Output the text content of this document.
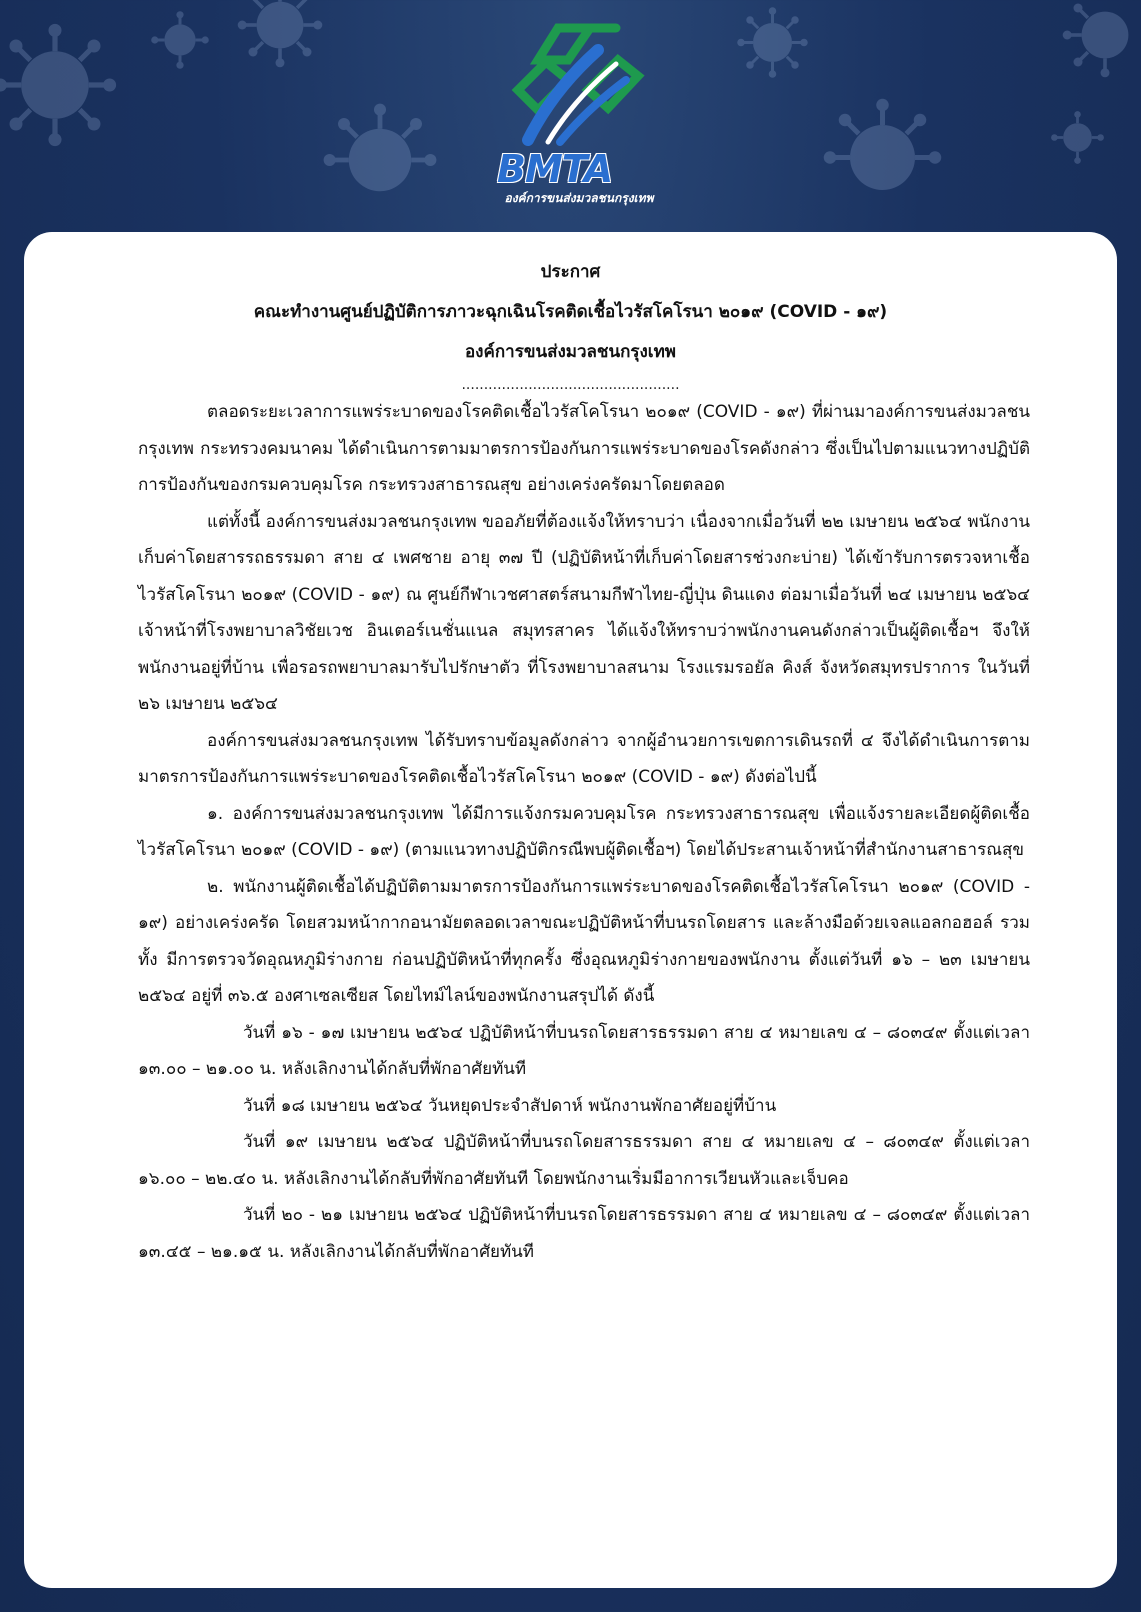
BMTA
องค์การขนส่งมวลชนกรุงเทพ
ประกาศ
คณะทำงานศูนย์ปฏิบัติการภาวะฉุกเฉินโรคติดเชื้อไวรัสโคโรนา ๒๐๑๙ (COVID - ๑๙)
องค์การขนส่งมวลชนกรุงเทพ
.................................................

ตลอดระยะเวลาการแพร่ระบาดของโรคติดเชื้อไวรัสโคโรนา ๒๐๑๙ (COVID - ๑๙) ที่ผ่านมาองค์การขนส่งมวลชนกรุงเทพ กระทรวงคมนาคม ได้ดำเนินการตามมาตรการป้องกันการแพร่ระบาดของโรคดังกล่าว ซึ่งเป็นไปตามแนวทางปฏิบัติการป้องกันของกรมควบคุมโรค กระทรวงสาธารณสุข อย่างเคร่งครัดมาโดยตลอด

แต่ทั้งนี้ องค์การขนส่งมวลชนกรุงเทพ ขออภัยที่ต้องแจ้งให้ทราบว่า เนื่องจากเมื่อวันที่ ๒๒ เมษายน ๒๕๖๔ พนักงานเก็บค่าโดยสารรถธรรมดา สาย ๔ เพศชาย อายุ ๓๗ ปี (ปฏิบัติหน้าที่เก็บค่าโดยสารช่วงกะบ่าย) ได้เข้ารับการตรวจหาเชื้อไวรัสโคโรนา ๒๐๑๙ (COVID - ๑๙) ณ ศูนย์กีฬาเวชศาสตร์สนามกีฬาไทย-ญี่ปุ่น ดินแดง ต่อมาเมื่อวันที่ ๒๔ เมษายน ๒๕๖๔ เจ้าหน้าที่โรงพยาบาลวิชัยเวช อินเตอร์เนชั่นแนล สมุทรสาคร ได้แจ้งให้ทราบว่าพนักงานคนดังกล่าวเป็นผู้ติดเชื้อฯ จึงให้พนักงานอยู่ที่บ้าน เพื่อรอรถพยาบาลมารับไปรักษาตัว ที่โรงพยาบาลสนาม โรงแรมรอยัล คิงส์ จังหวัดสมุทรปราการ ในวันที่ ๒๖ เมษายน ๒๕๖๔

องค์การขนส่งมวลชนกรุงเทพ ได้รับทราบข้อมูลดังกล่าว จากผู้อำนวยการเขตการเดินรถที่ ๔ จึงได้ดำเนินการตามมาตรการป้องกันการแพร่ระบาดของโรคติดเชื้อไวรัสโคโรนา ๒๐๑๙ (COVID - ๑๙) ดังต่อไปนี้

๑. องค์การขนส่งมวลชนกรุงเทพ ได้มีการแจ้งกรมควบคุมโรค กระทรวงสาธารณสุข เพื่อแจ้งรายละเอียดผู้ติดเชื้อไวรัสโคโรนา ๒๐๑๙ (COVID - ๑๙) (ตามแนวทางปฏิบัติกรณีพบผู้ติดเชื้อฯ) โดยได้ประสานเจ้าหน้าที่สำนักงานสาธารณสุข

๒. พนักงานผู้ติดเชื้อได้ปฏิบัติตามมาตรการป้องกันการแพร่ระบาดของโรคติดเชื้อไวรัสโคโรนา ๒๐๑๙ (COVID - ๑๙) อย่างเคร่งครัด โดยสวมหน้ากากอนามัยตลอดเวลาขณะปฏิบัติหน้าที่บนรถโดยสาร และล้างมือด้วยเจลแอลกอฮอล์ รวมทั้ง มีการตรวจวัดอุณหภูมิร่างกาย ก่อนปฏิบัติหน้าที่ทุกครั้ง ซึ่งอุณหภูมิร่างกายของพนักงาน ตั้งแต่วันที่ ๑๖ – ๒๓ เมษายน ๒๕๖๔ อยู่ที่ ๓๖.๕ องศาเซลเซียส โดยไทม์ไลน์ของพนักงานสรุปได้ ดังนี้

วันที่ ๑๖ - ๑๗ เมษายน ๒๕๖๔ ปฏิบัติหน้าที่บนรถโดยสารธรรมดา สาย ๔ หมายเลข ๔ – ๘๐๓๔๙ ตั้งแต่เวลา ๑๓.๐๐ – ๒๑.๐๐ น. หลังเลิกงานได้กลับที่พักอาศัยทันที

วันที่ ๑๘ เมษายน ๒๕๖๔ วันหยุดประจำสัปดาห์ พนักงานพักอาศัยอยู่ที่บ้าน

วันที่ ๑๙ เมษายน ๒๕๖๔ ปฏิบัติหน้าที่บนรถโดยสารธรรมดา สาย ๔ หมายเลข ๔ – ๘๐๓๔๙ ตั้งแต่เวลา ๑๖.๐๐ – ๒๒.๔๐ น. หลังเลิกงานได้กลับที่พักอาศัยทันที โดยพนักงานเริ่มมีอาการเวียนหัวและเจ็บคอ

วันที่ ๒๐ - ๒๑ เมษายน ๒๕๖๔ ปฏิบัติหน้าที่บนรถโดยสารธรรมดา สาย ๔ หมายเลข ๔ – ๘๐๓๔๙ ตั้งแต่เวลา ๑๓.๔๕ – ๒๑.๑๕ น. หลังเลิกงานได้กลับที่พักอาศัยทันที
